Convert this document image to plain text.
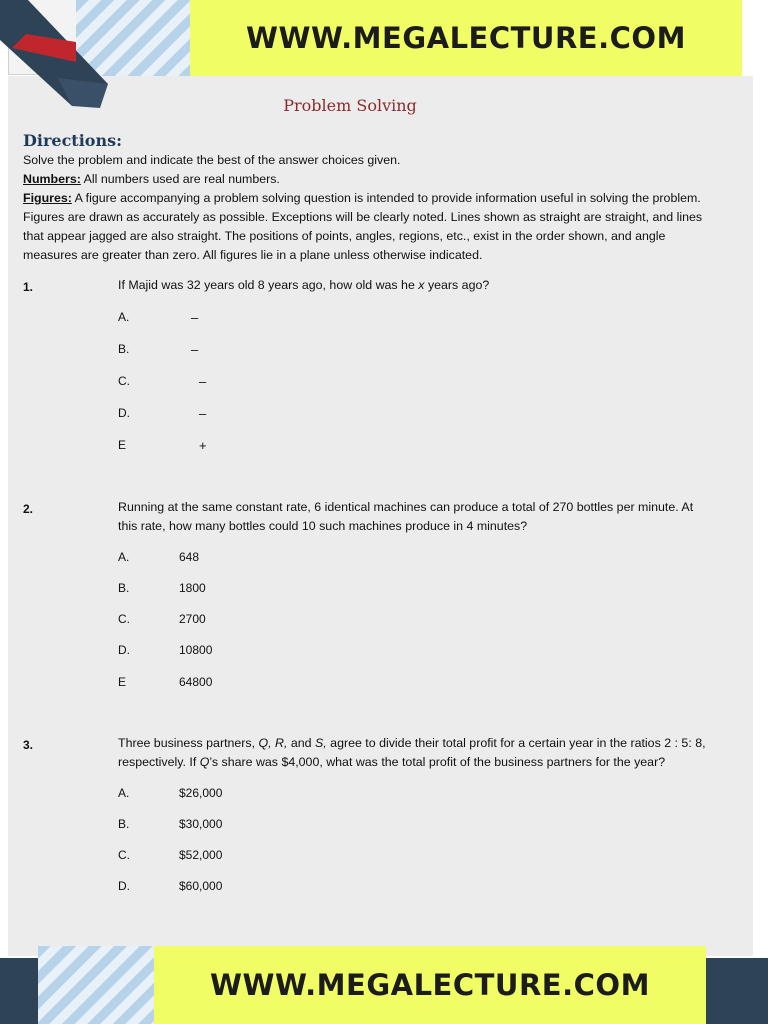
WWW.MEGALECTURE.COM
Problem Solving
Directions:
Solve the problem and indicate the best of the answer choices given.
Numbers: All numbers used are real numbers.
Figures: A figure accompanying a problem solving question is intended to provide information useful in solving the problem.
Figures are drawn as accurately as possible. Exceptions will be clearly noted. Lines shown as straight are straight, and lines
that appear jagged are also straight. The positions of points, angles, regions, etc., exist in the order shown, and angle
measures are greater than zero. All figures lie in a plane unless otherwise indicated.
1.	If Majid was 32 years old 8 years ago, how old was he x years ago?
A.	–
B.	–
C.	–
D.	–
E	+
2.	Running at the same constant rate, 6 identical machines can produce a total of 270 bottles per minute. At
this rate, how many bottles could 10 such machines produce in 4 minutes?
A.	648
B.	1800
C.	2700
D.	10800
E	64800
3.	Three business partners, Q, R, and S, agree to divide their total profit for a certain year in the ratios 2 : 5: 8,
respectively. If Q’s share was $4,000, what was the total profit of the business partners for the year?
A.	$26,000
B.	$30,000
C.	$52,000
D.	$60,000
WWW.MEGALECTURE.COM
